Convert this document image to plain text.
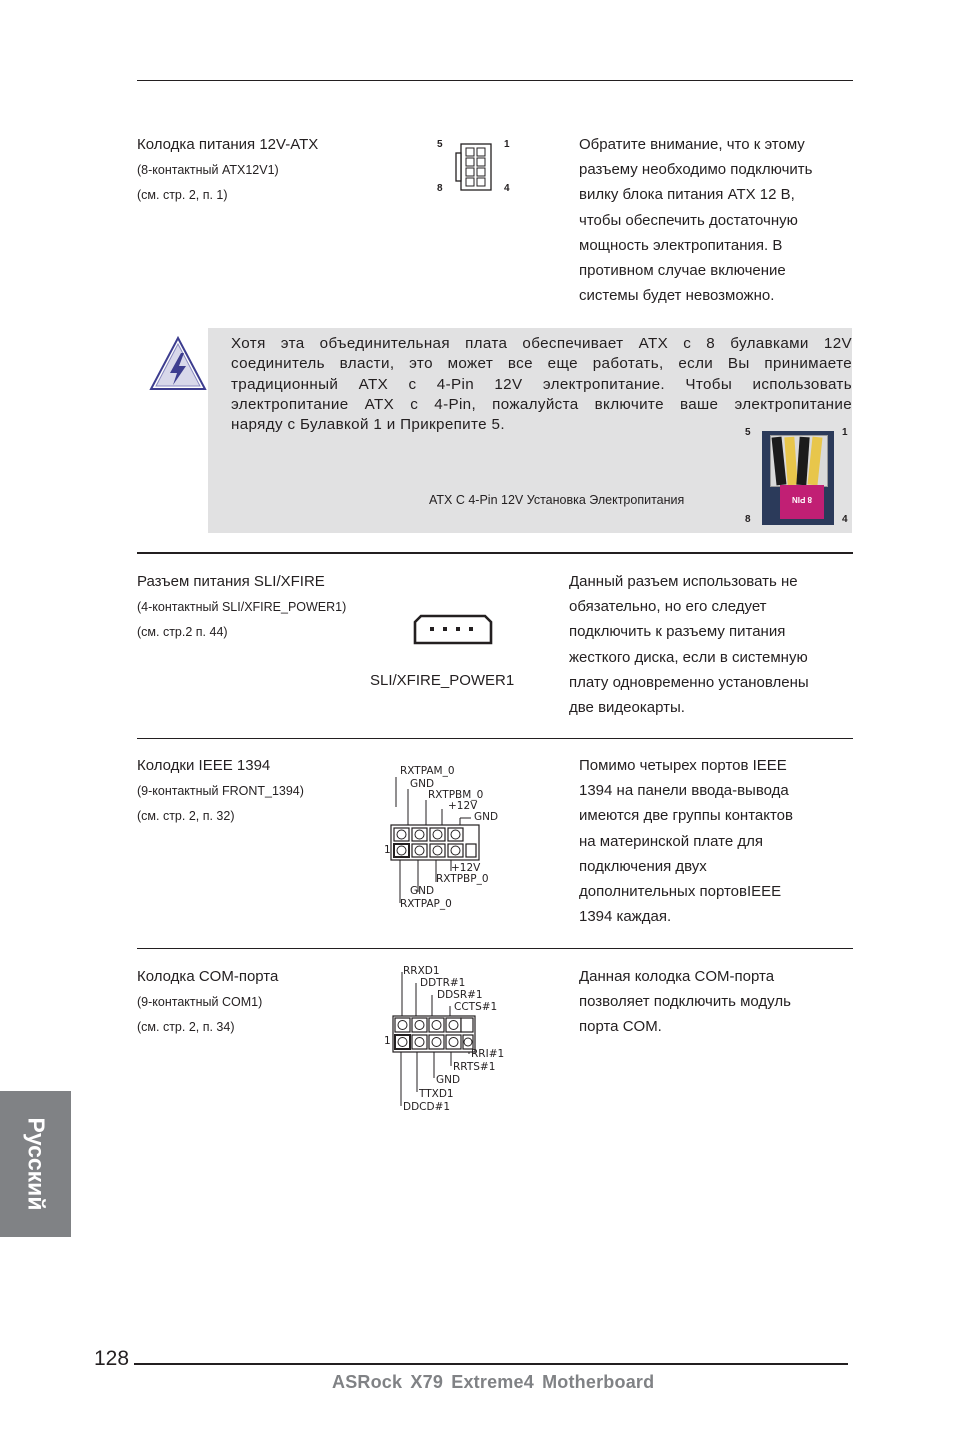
Колодка питания 12V-ATX
(8-контактный ATX12V1)
(см. стр. 2, п. 1)
5	1
8	4
Обратите внимание, что к этому
разъему необходимо подключить
вилку блока питания ATX 12 В,
чтобы обеспечить достаточную
мощность электропитания. В
противном случае включение
системы будет невозможно.
Хотя эта объединительная плата обеспечивает ATX с 8 булавками 12V
соединитель власти, это может все еще работать, если Вы принимаете
традиционный ATX с 4-Pin 12V электропитание. Чтобы использовать
электропитание ATX с 4-Pin, пожалуйста включите ваше электропитание
наряду с Булавкой 1 и Прикрепите 5.
ATX С 4-Pin 12V Установка Электропитания
5	1
8	4
8 PIN
Разъем питания SLI/XFIRE
(4-контактный SLI/XFIRE_POWER1)
(см. стр.2 п. 44)
SLI/XFIRE_POWER1
Данный разъем использовать не
обязательно, но его следует
подключить к разъему питания
жесткого диска, если в системную
плату одновременно установлены
две видеокарты.
Колодки IEEE 1394
(9-контактный FRONT_1394)
(см. стр. 2, п. 32)
1
RXTPAM_0
GND
RXTPBM_0
+12V
GND
+12V
RXTPBP_0
GND
RXTPAP_0
Помимо четырех портов IEEE
1394 на панели ввода-вывода
имеются две группы контактов
на материнской плате для
подключения двух
дополнительных портовIEEE
1394 каждая.
Колодка COM-порта
(9-контактный COM1)
(см. стр. 2, п. 34)
1
RRXD1
DDTR#1
DDSR#1
CCTS#1
RRI#1
RRTS#1
GND
TTXD1
DDCD#1
Данная колодка COM-порта
позволяет подключить модуль
порта COM.
Русский
128
ASRock X79 Extreme4 Motherboard
